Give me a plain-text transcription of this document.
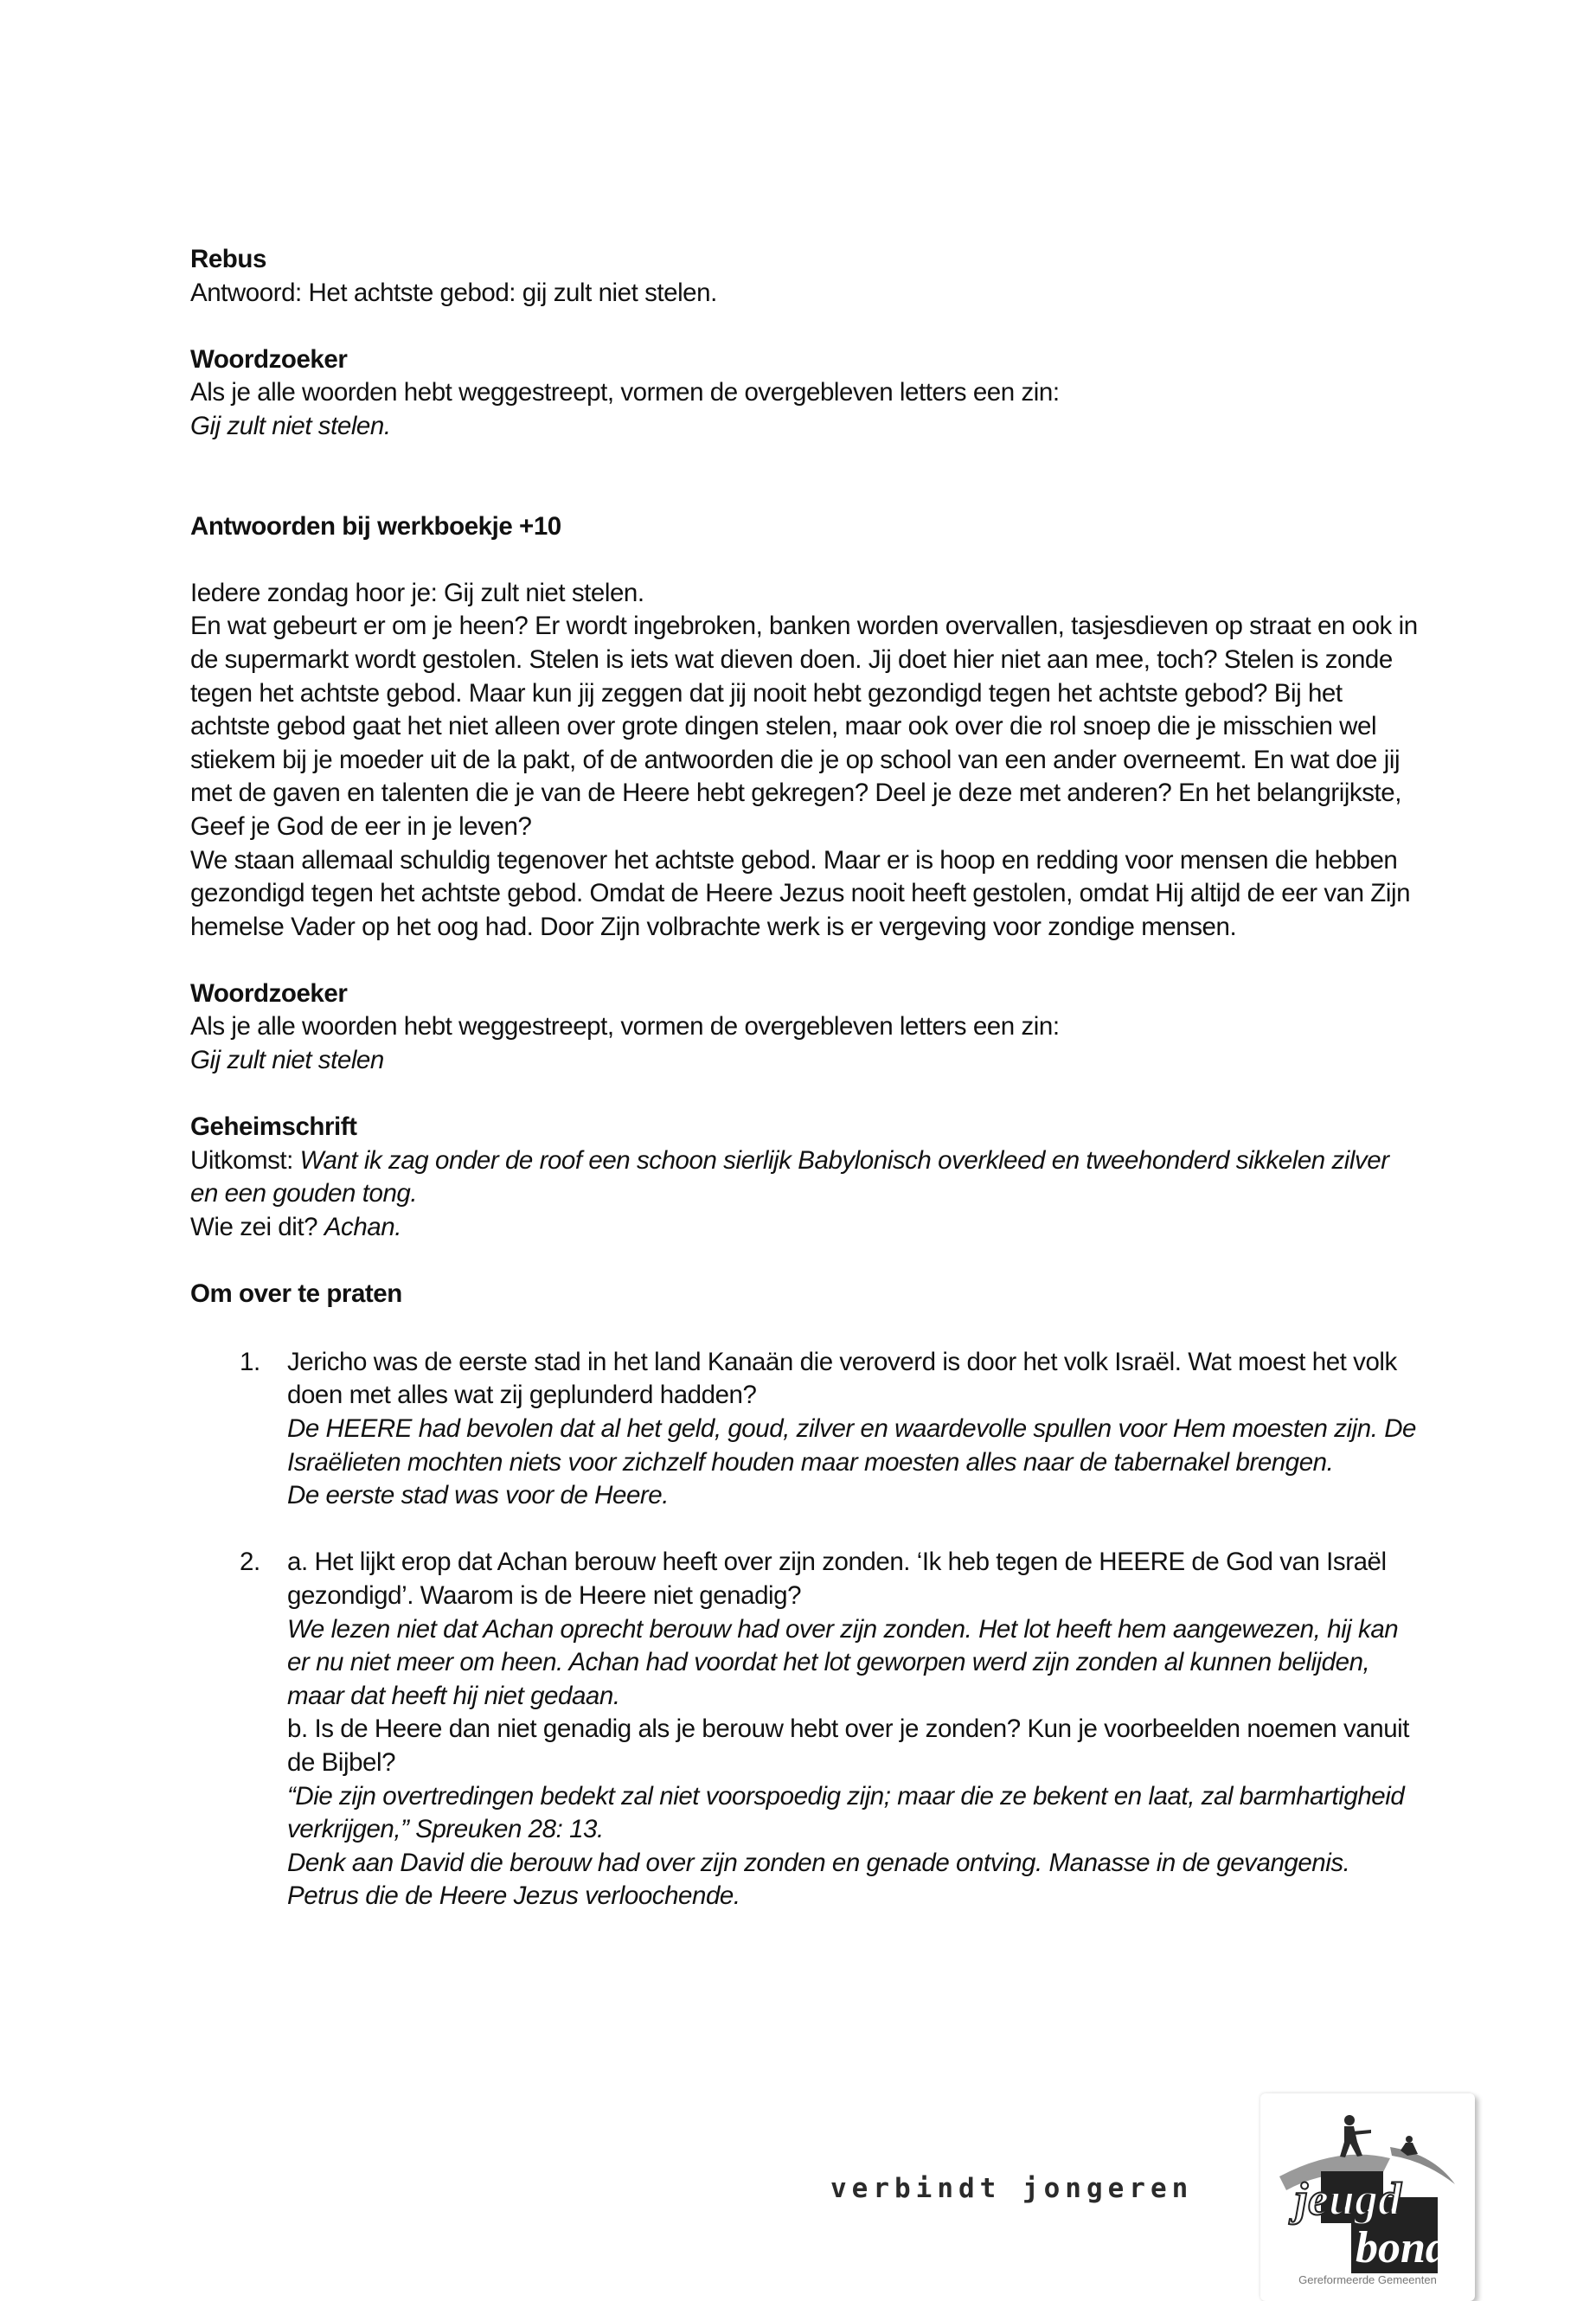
Rebus

Antwoord: Het achtste gebod: gij zult niet stelen.

Woordzoeker

Als je alle woorden hebt weggestreept, vormen de overgebleven letters een zin:

Gij zult niet stelen.

Antwoorden bij werkboekje +10

Iedere zondag hoor je: Gij zult niet stelen.

En wat gebeurt er om je heen? Er wordt ingebroken, banken worden overvallen, tasjesdieven op straat en ook in de supermarkt wordt gestolen. Stelen is iets wat dieven doen. Jij doet hier niet aan mee, toch? Stelen is zonde tegen het achtste gebod. Maar kun jij zeggen dat jij nooit hebt gezondigd tegen het achtste gebod? Bij het achtste gebod gaat het niet alleen over grote dingen stelen, maar ook over die rol snoep die je misschien wel stiekem bij je moeder uit de la pakt, of de antwoorden die je op school van een ander overneemt. En wat doe jij met de gaven en talenten die je van de Heere hebt gekregen? Deel je deze met anderen? En het belangrijkste,

Geef je God de eer in je leven?

We staan allemaal schuldig tegenover het achtste gebod. Maar er is hoop en redding voor mensen die hebben gezondigd tegen het achtste gebod. Omdat de Heere Jezus nooit heeft gestolen, omdat Hij altijd de eer van Zijn hemelse Vader op het oog had. Door Zijn volbrachte werk is er vergeving voor zondige mensen.

Woordzoeker

Als je alle woorden hebt weggestreept, vormen de overgebleven letters een zin:

Gij zult niet stelen

Geheimschrift

Uitkomst: Want ik zag onder de roof een schoon sierlijk Babylonisch overkleed en tweehonderd sikkelen zilver en een gouden tong.

Wie zei dit? Achan.

Om over te praten

1. Jericho was de eerste stad in het land Kanaän die veroverd is door het volk Israël. Wat moest het volk doen met alles wat zij geplunderd hadden?

De HEERE had bevolen dat al het geld, goud, zilver en waardevolle spullen voor Hem moesten zijn. De Israëlieten mochten niets voor zichzelf houden maar moesten alles naar de tabernakel brengen.

De eerste stad was voor de Heere.

2. a. Het lijkt erop dat Achan berouw heeft over zijn zonden. ‘Ik heb tegen de HEERE de God van Israël gezondigd’. Waarom is de Heere niet genadig?

We lezen niet dat Achan oprecht berouw had over zijn zonden. Het lot heeft hem aangewezen, hij kan er nu niet meer om heen. Achan had voordat het lot geworpen werd zijn zonden al kunnen belijden, maar dat heeft hij niet gedaan.

b. Is de Heere dan niet genadig als je berouw hebt over je zonden? Kun je voorbeelden noemen vanuit de Bijbel?

“Die zijn overtredingen bedekt zal niet voorspoedig zijn; maar die ze bekent en laat, zal barmhartigheid verkrijgen,” Spreuken 28: 13.

Denk aan David die berouw had over zijn zonden en genade ontving. Manasse in de gevangenis. Petrus die de Heere Jezus verloochende.

verbindt jongeren jeugd
bond
Gereformeerde Gemeenten
